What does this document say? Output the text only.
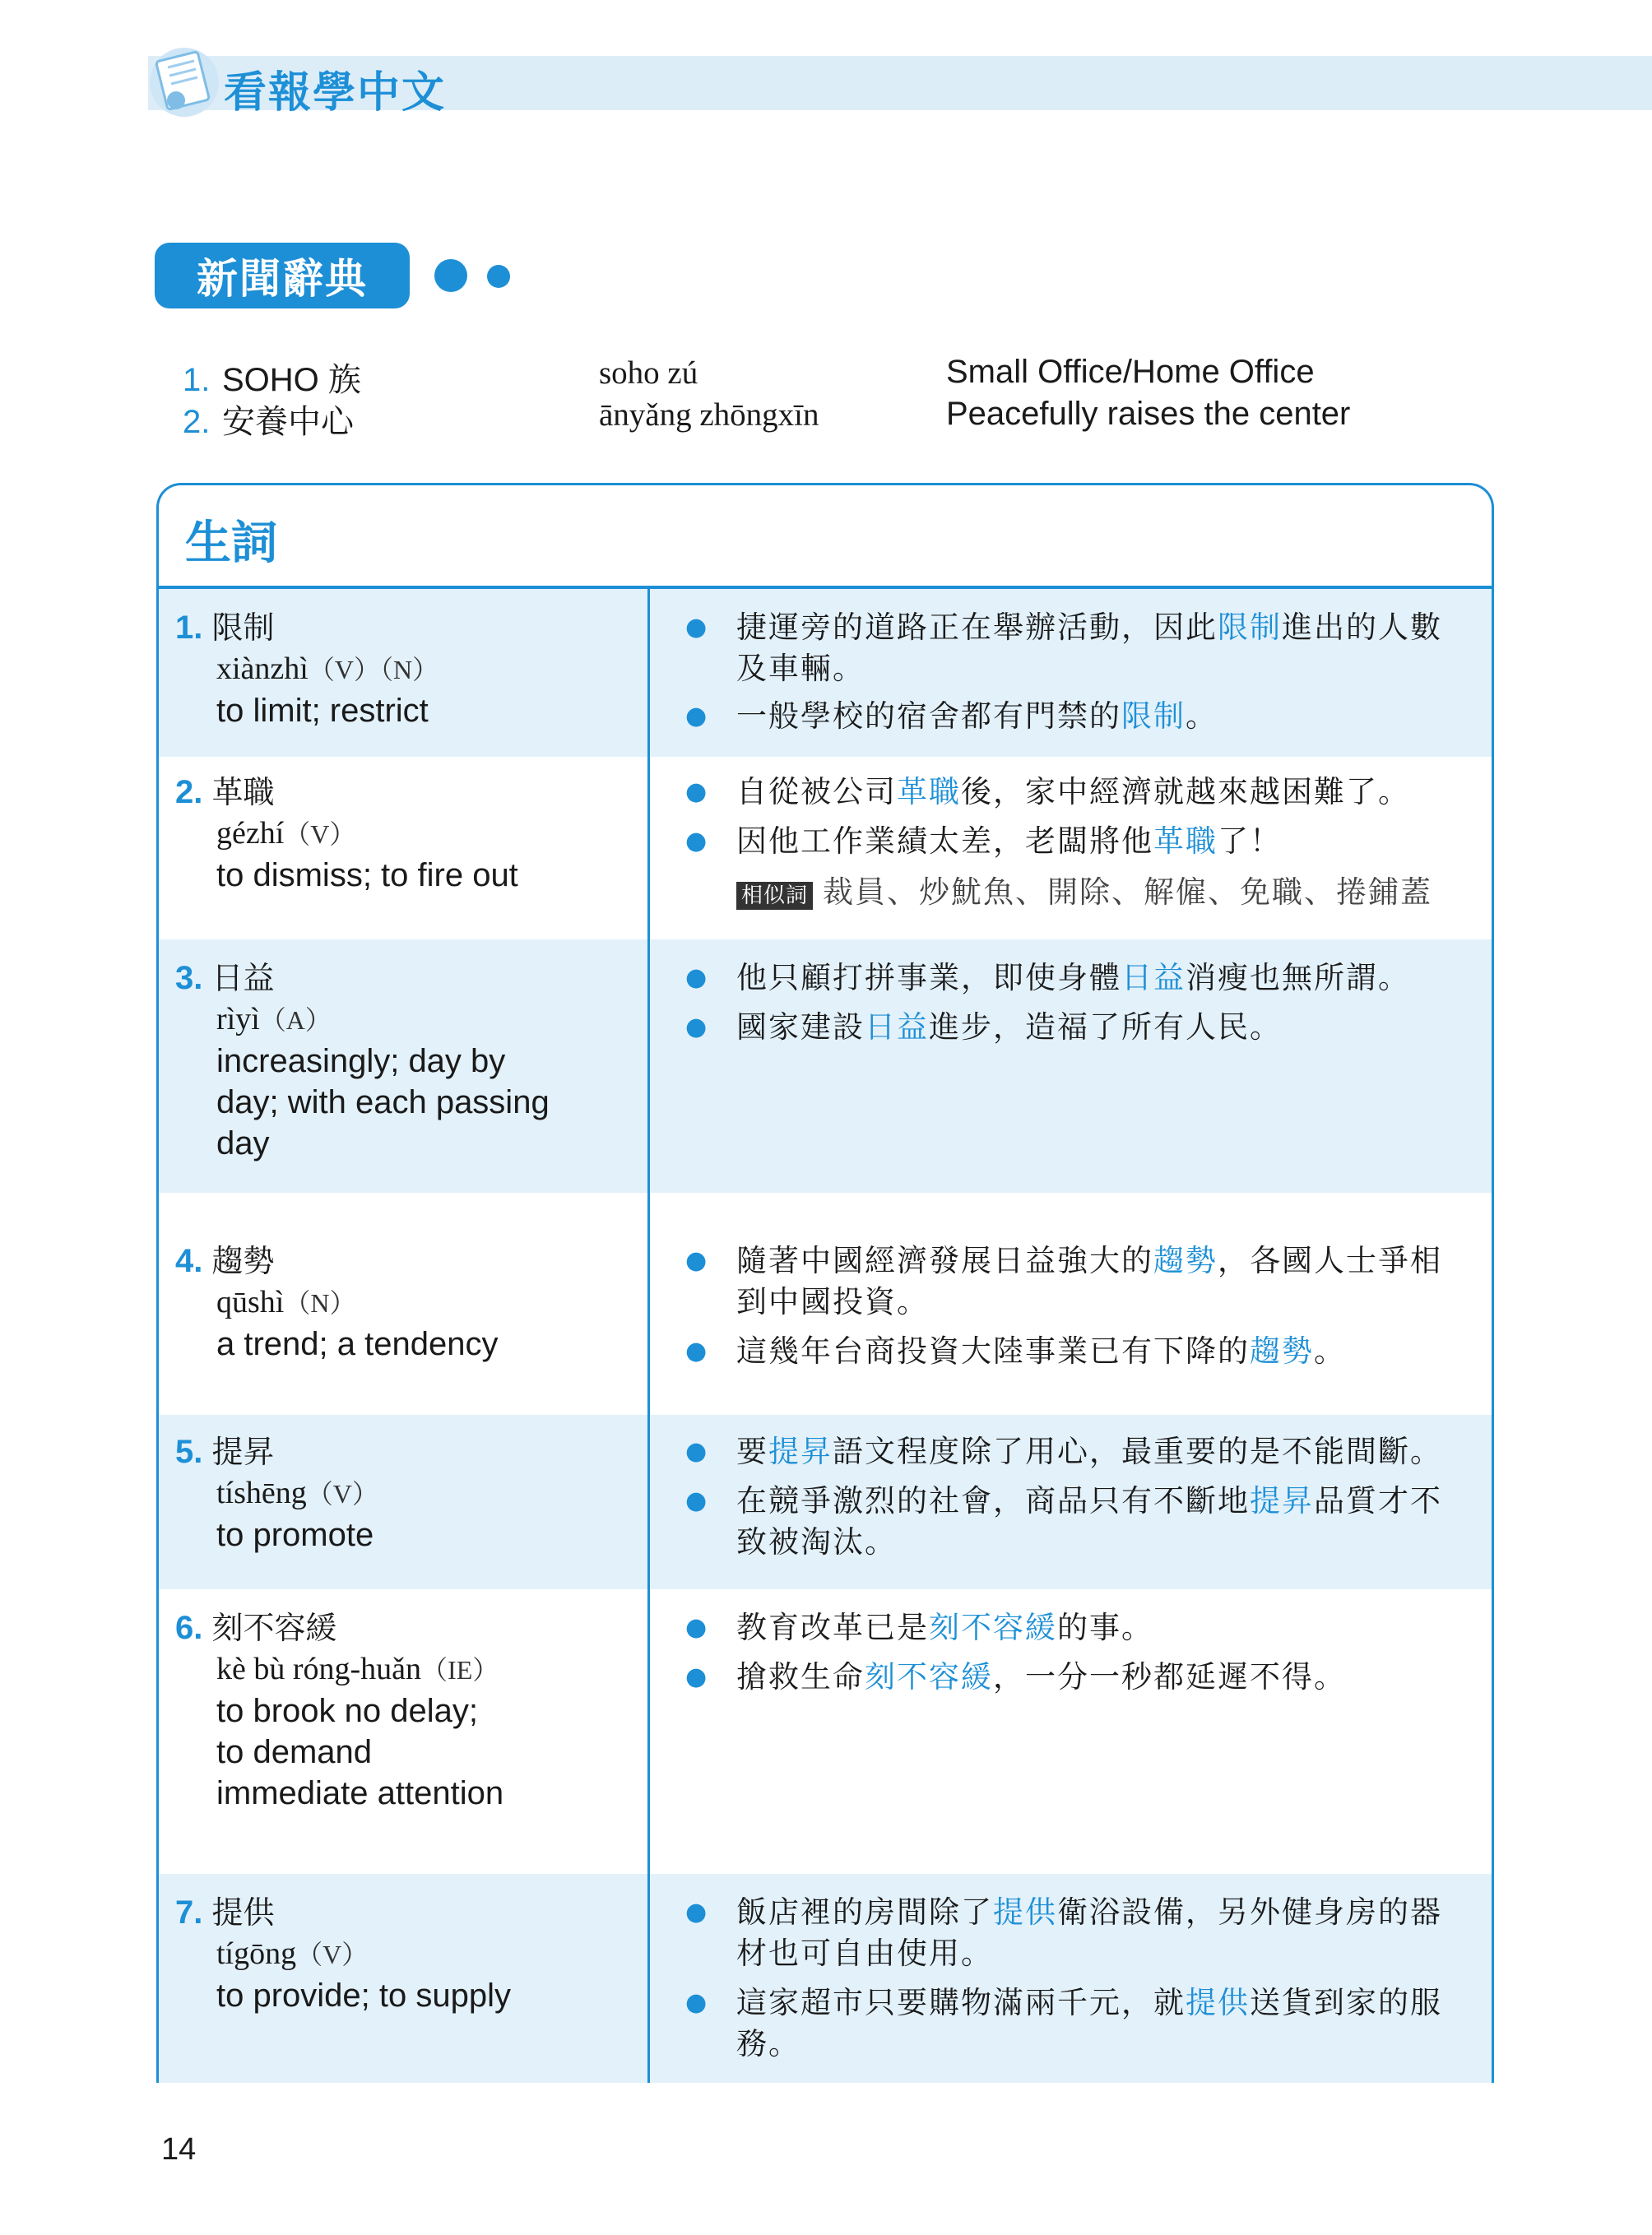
看報學中文
新聞辭典
1. SOHO 族	soho zú	Small Office/Home Office
2. 安養中心	ānyǎng zhōngxīn	Peacefully raises the center
生詞
1. 限制
xiànzhì（V）（N）
to limit; restrict
● 捷運旁的道路正在舉辦活動，因此限制進出的人數及車輛。
● 一般學校的宿舍都有門禁的限制。
2. 革職
gézhí（V）
to dismiss; to fire out
● 自從被公司革職後，家中經濟就越來越困難了。
● 因他工作業績太差，老闆將他革職了！
相似詞 裁員、炒魷魚、開除、解僱、免職、捲鋪蓋
3. 日益
rìyì（A）
increasingly; day by
day; with each passing
day
● 他只顧打拼事業，即使身體日益消瘦也無所謂。
● 國家建設日益進步，造福了所有人民。
4. 趨勢
qūshì（N）
a trend; a tendency
● 隨著中國經濟發展日益強大的趨勢，各國人士爭相到中國投資。
● 這幾年台商投資大陸事業已有下降的趨勢。
5. 提昇
tíshēng（V）
to promote
● 要提昇語文程度除了用心，最重要的是不能間斷。
● 在競爭激烈的社會，商品只有不斷地提昇品質才不致被淘汰。
6. 刻不容緩
kè bù róng-huǎn（IE）
to brook no delay;
to demand
immediate attention
● 教育改革已是刻不容緩的事。
● 搶救生命刻不容緩，一分一秒都延遲不得。
7. 提供
tígōng（V）
to provide; to supply
● 飯店裡的房間除了提供衛浴設備，另外健身房的器材也可自由使用。
● 這家超市只要購物滿兩千元，就提供送貨到家的服務。
14
